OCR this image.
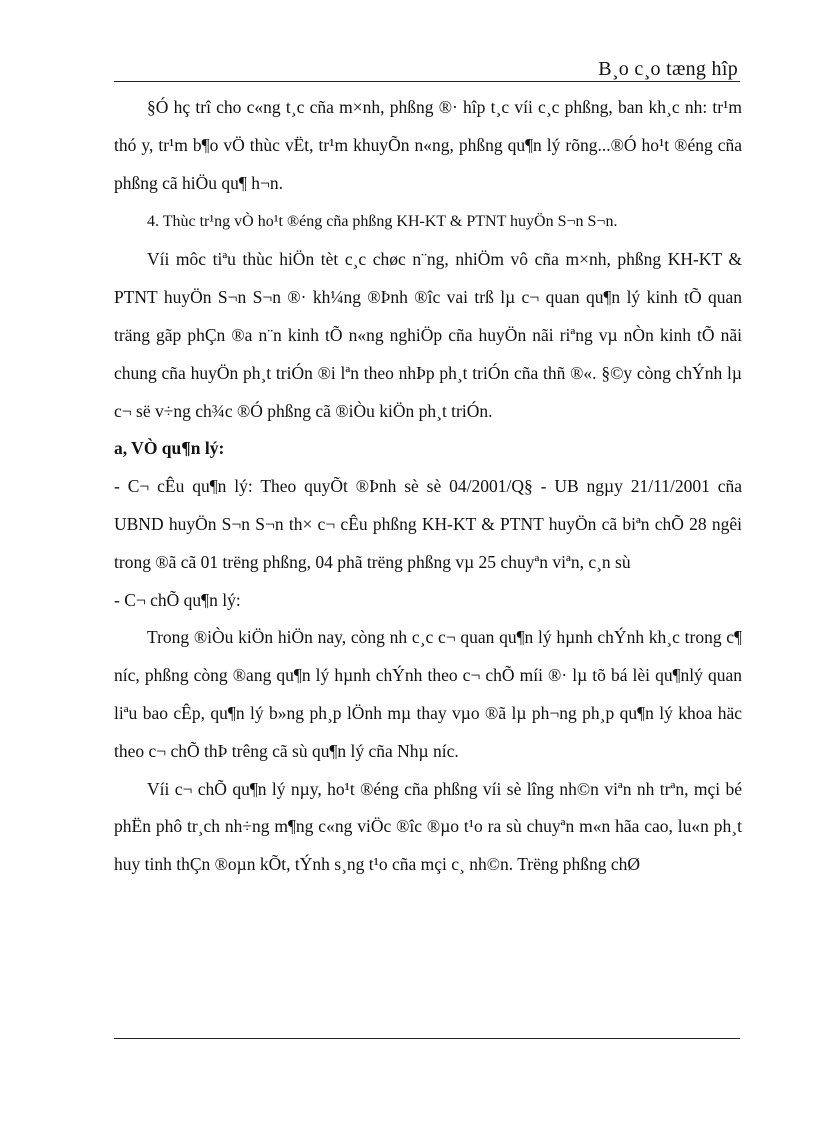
B¸o c¸o tæng hîp

§Ó hç trî cho c«ng t¸c cña m×nh, phßng ®· hîp t¸c víi c¸c phßng, ban kh¸c nh: tr¹m thó y, tr¹m b¶o vÖ thùc vËt, tr¹m khuyÕn n«ng, phßng qu¶n lý rõng...®Ó ho¹t ®éng cña phßng cã hiÖu qu¶ h¬n.

4. Thùc tr¹ng vÒ ho¹t ®éng cña phßng KH-KT & PTNT huyÖn S¬n S¬n.

Víi môc tiªu thùc hiÖn tèt c¸c chøc n¨ng, nhiÖm vô cña m×nh, phßng KH-KT & PTNT huyÖn S¬n S¬n ®· kh¼ng ®Þnh ®îc vai trß lµ c¬ quan qu¶n lý kinh tÕ quan träng gãp phÇn ®a n¨n kinh tÕ n«ng nghiÖp cña huyÖn nãi riªng vµ nÒn kinh tÕ nãi chung cña huyÖn ph¸t triÓn ®i lªn theo nhÞp ph¸t triÓn cña thñ ®«. §©y còng chÝnh lµ c¬ së v÷ng ch¾c ®Ó phßng cã ®iÒu kiÖn ph¸t triÓn.

a, VÒ qu¶n lý:

- C¬ cÊu qu¶n lý: Theo quyÕt ®Þnh sè sè 04/2001/Q§ - UB ngµy 21/11/2001 cña UBND huyÖn S¬n S¬n th× c¬ cÊu phßng KH-KT & PTNT huyÖn cã biªn chÕ 28 ngêi trong ®ã cã 01 trëng phßng, 04 phã trëng phßng vµ 25 chuyªn viªn, c¸n sù

- C¬ chÕ qu¶n lý:

Trong ®iÒu kiÖn hiÖn nay, còng nh c¸c c¬ quan qu¶n lý hµnh chÝnh kh¸c trong c¶ níc, phßng còng ®ang qu¶n lý hµnh chÝnh theo c¬ chÕ míi ®· lµ tõ bá lèi qu¶nlý quan liªu bao cÊp, qu¶n lý b»ng ph¸p lÖnh mµ thay vµo ®ã lµ ph¬ng ph¸p qu¶n lý khoa häc theo c¬ chÕ thÞ trêng cã sù qu¶n lý cña Nhµ níc.

Víi c¬ chÕ qu¶n lý nµy, ho¹t ®éng cña phßng víi sè lîng nh©n viªn nh trªn, mçi bé phËn phô tr¸ch nh÷ng m¶ng c«ng viÖc ®îc ®µo t¹o ra sù chuyªn m«n hãa cao, lu«n ph¸t huy tinh thÇn ®oµn kÕt, tÝnh s¸ng t¹o cña mçi c¸ nh©n. Trëng phßng chØ
